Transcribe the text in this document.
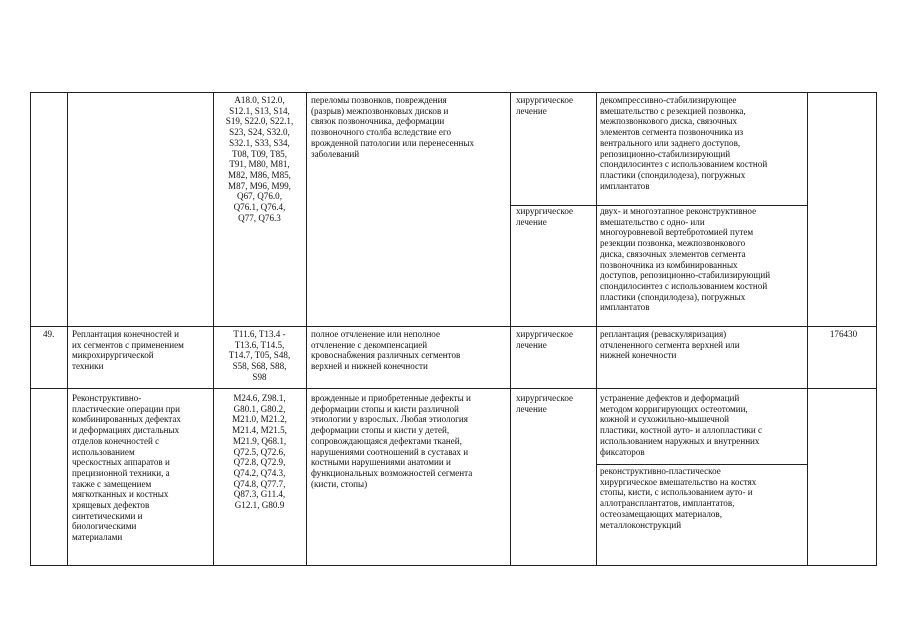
A18.0, S12.0,
S12.1, S13, S14,
S19, S22.0, S22.1,
S23, S24, S32.0,
S32.1, S33, S34,
T08, T09, T85,
T91, M80, M81,
M82, M86, M85,
M87, M96, M99,
Q67, Q76.0,
Q76.1, Q76.4,
Q77, Q76.3
переломы позвонков, повреждения
(разрыв) межпозвонковых дисков и
связок позвоночника, деформации
позвоночного столба вследствие его
врожденной патологии или перенесенных
заболеваний
хирургическое
лечение
декомпрессивно-стабилизирующее
вмешательство с резекцией позвонка,
межпозвонкового диска, связочных
элементов сегмента позвоночника из
вентрального или заднего доступов,
репозиционно-стабилизирующий
спондилосинтез с использованием костной
пластики (спондилодеза), погружных
имплантатов
хирургическое
лечение
двух- и многоэтапное реконструктивное
вмешательство с одно- или
многоуровневой вертебротомией путем
резекции позвонка, межпозвонкового
диска, связочных элементов сегмента
позвоночника из комбинированных
доступов, репозиционно-стабилизирующий
спондилосинтез с использованием костной
пластики (спондилодеза), погружных
имплантатов
49.	Реплантация конечностей и
их сегментов с применением
микрохирургической
техники
T11.6, T13.4 -
T13.6, T14.5,
T14.7, T05, S48,
S58, S68, S88,
S98
полное отчленение или неполное
отчленение с декомпенсацией
кровоснабжения различных сегментов
верхней и нижней конечности
хирургическое
лечение
реплантация (реваскуляризация)
отчлененного сегмента верхней или
нижней конечности
176430
Реконструктивно-
пластические операции при
комбинированных дефектах
и деформациях дистальных
отделов конечностей с
использованием
чрескостных аппаратов и
прецизионной техники, а
также с замещением
мягкотканных и костных
хрящевых дефектов
синтетическими и
биологическими
материалами
M24.6, Z98.1,
G80.1, G80.2,
M21.0, M21.2,
M21.4, M21.5,
M21.9, Q68.1,
Q72.5, Q72.6,
Q72.8, Q72.9,
Q74.2, Q74.3,
Q74.8, Q77.7,
Q87.3, G11.4,
G12.1, G80.9
врожденные и приобретенные дефекты и
деформации стопы и кисти различной
этиологии у взрослых. Любая этиология
деформации стопы и кисти у детей,
сопровождающаяся дефектами тканей,
нарушениями соотношений в суставах и
костными нарушениями анатомии и
функциональных возможностей сегмента
(кисти, стопы)
хирургическое
лечение
устранение дефектов и деформаций
методом корригирующих остеотомии,
кожной и сухожильно-мышечной
пластики, костной ауто- и аллопластики с
использованием наружных и внутренних
фиксаторов
реконструктивно-пластическое
хирургическое вмешательство на костях
стопы, кисти, с использованием ауто- и
аллотрансплантатов, имплантатов,
остеозамещающих материалов,
металлоконструкций
